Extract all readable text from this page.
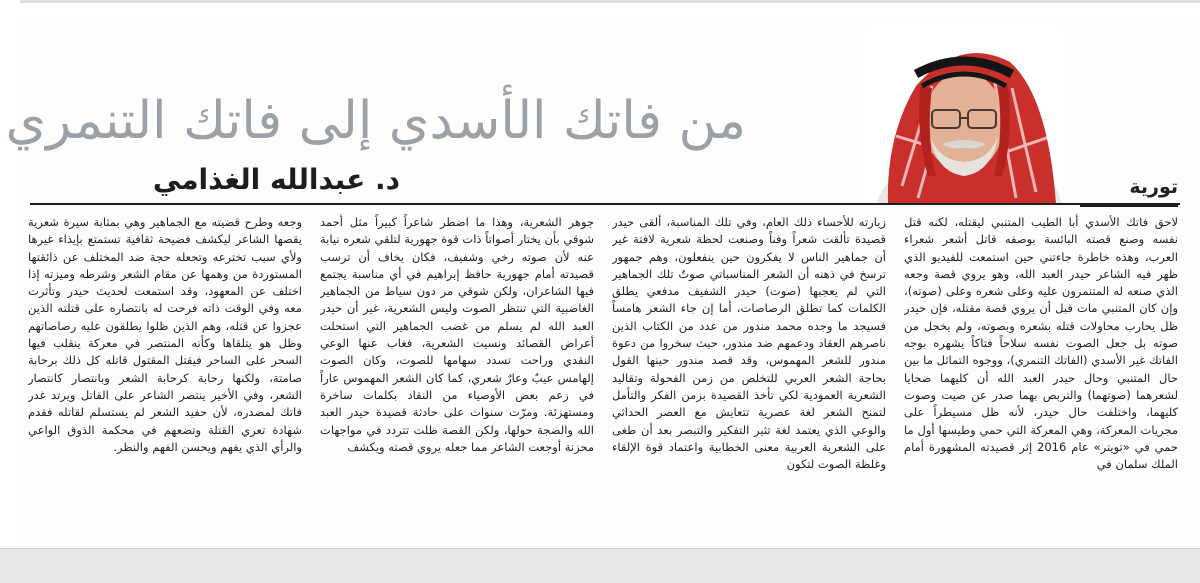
من فاتك الأسدي إلى فاتك التنمري
د. عبدالله الغذامي	تورية

لاحق فاتك الأسدي أبا الطيب المتنبي ليقتله، لكنه قتل نفسه وصنع قصته البائسة بوصفه قاتل أشعر شعراء العرب، وهذه خاطرة جاءتني حين استمعت للفيديو الذي ظهر فيه الشاعر حيدر العبد الله، وهو يروي قصة وجعه الذي صنعه له المتنمرون عليه وعلى شعره وعلى (صوته)، وإن كان المتنبي مات قبل أن يروي قصة مقتله، فإن حيدر ظل يحارب محاولات قتله بشعره وبصوته، ولم يخجل من صوته بل جعل الصوت نفسه سلاحاً فتاكاً يشهره بوجه الفاتك غير الأسدي (الفاتك التنمري)، ووجوه التماثل ما بين حال المتنبي وحال حيدر العبد الله أن كليهما ضحايا لشعرهما (صوتهما) والتربص بهما صدر عن صيت وصوت كليهما، واختلفت حال حيدر، لأنه ظل مسيطراً على مجريات المعركة، وهي المعركة التي حمي وطيسها أول ما حمي في «تويتر» عام 2016 إثر قصيدته المشهورة أمام الملك سلمان في

زيارته للأحساء ذلك العام، وفي تلك المناسبة، ألقى حيدر قصيدة تألقت شعراً وفناً وصنعت لحظة شعرية لافتة غير أن جماهير الناس لا يفكرون حين ينفعلون، وهم جمهور ترسخ في ذهنه أن الشعر المناسباتي صوتٌ تلك الجماهير التي لم يعجبها (صوت) حيدر الشفيف مدفعي يطلق الكلمات كما تطلق الرصاصات، أما إن جاء الشعر هامساً فسيجد ما وجده محمد مندور من عدد من الكتاب الذين ناصرهم العقاد ودعمهم ضد مندور، حيث سخروا من دعوة مندور للشعر المهموس، وقد قصد مندور حينها القول بحاجة الشعر العربي للتخلص من زمن الفحولة وتقاليد الشعرية العمودية لكي تأخذ القصيدة بزمن الفكر والتأمل لتمنح الشعر لغة عصرية تتعايش مع العصر الحداثي والوعي الذي يعتمد لغة تثير التفكير والتبصر بعد أن طغى على الشعرية العربية معنى الخطابية واعتماد قوة الإلقاء وغلظة الصوت لتكون

جوهر الشعرية، وهذا ما اضطر شاعراً كبيراً مثل أحمد شوقي بأن يختار أصواتاً ذات قوة جهورية لتلقي شعره نيابة عنه لأن صوته رخي وشفيف، فكان يخاف أن ترسب قصيدته أمام جهورية حافظ إبراهيم في أي مناسبة يجتمع فيها الشاعران، ولكن شوقي مر دون سياط من الجماهير الغاضبية التي تنتظر الصوت وليس الشعرية، غير أن حيدر العبد الله لم يسلم من غضب الجماهير التي استحلت أعراض القصائد ونسيت الشعرية، فغاب عنها الوعي النقدي وراحت تسدد سهامها للصوت، وكان الصوت إلهامس عيبٌ وعارٌ شعري، كما كان الشعر المهموس عاراً في زعم بعض الأوصياء من النقاد بكلمات ساخرة ومستهزئة. ومرّت سنوات على حادثة قصيدة حيدر العبد الله والضجة حولها، ولكن القصة ظلت تتردد في مواجهات محزنة أوجعت الشاعر مما جعله يروي قصته ويكشف

وجعه وطرح قضيته مع الجماهير وهي بمثابة سيرة شعرية يقصها الشاعر ليكشف فضيحة ثقافية تستمتع بإيذاء غيرها ولأي سبب تخترعه وتجعله حجة ضد المختلف عن ذائقتها المستوردة من وهمها عن مقام الشعر وشرطه وميزته إذا اختلف عن المعهود، وقد استمعت لحديث حيدر وتأثرت معه وفي الوقت ذاته فرحت له بانتصاره على قتلته الذين عجزوا عن قتله، وهم الذين ظلوا يطلقون عليه رصاصاتهم وظل هو يتلقاها وكأنه المنتصر في معركة ينقلب فيها السحر على الساحر فيقتل المقتول قاتله كل ذلك برحابة صامتة، ولكنها رحابة كرحابة الشعر وبانتصار كانتصار الشعر، وفي الأخير ينتصر الشاعر على القاتل ويرتد غدر فاتك لمصدره، لأن حفيد الشعر لم يستسلم لقاتله فقدم شهادة تعري القتلة وتضعهم في محكمة الذوق الواعي والرأي الذي يفهم ويحسن الفهم والنظر.
